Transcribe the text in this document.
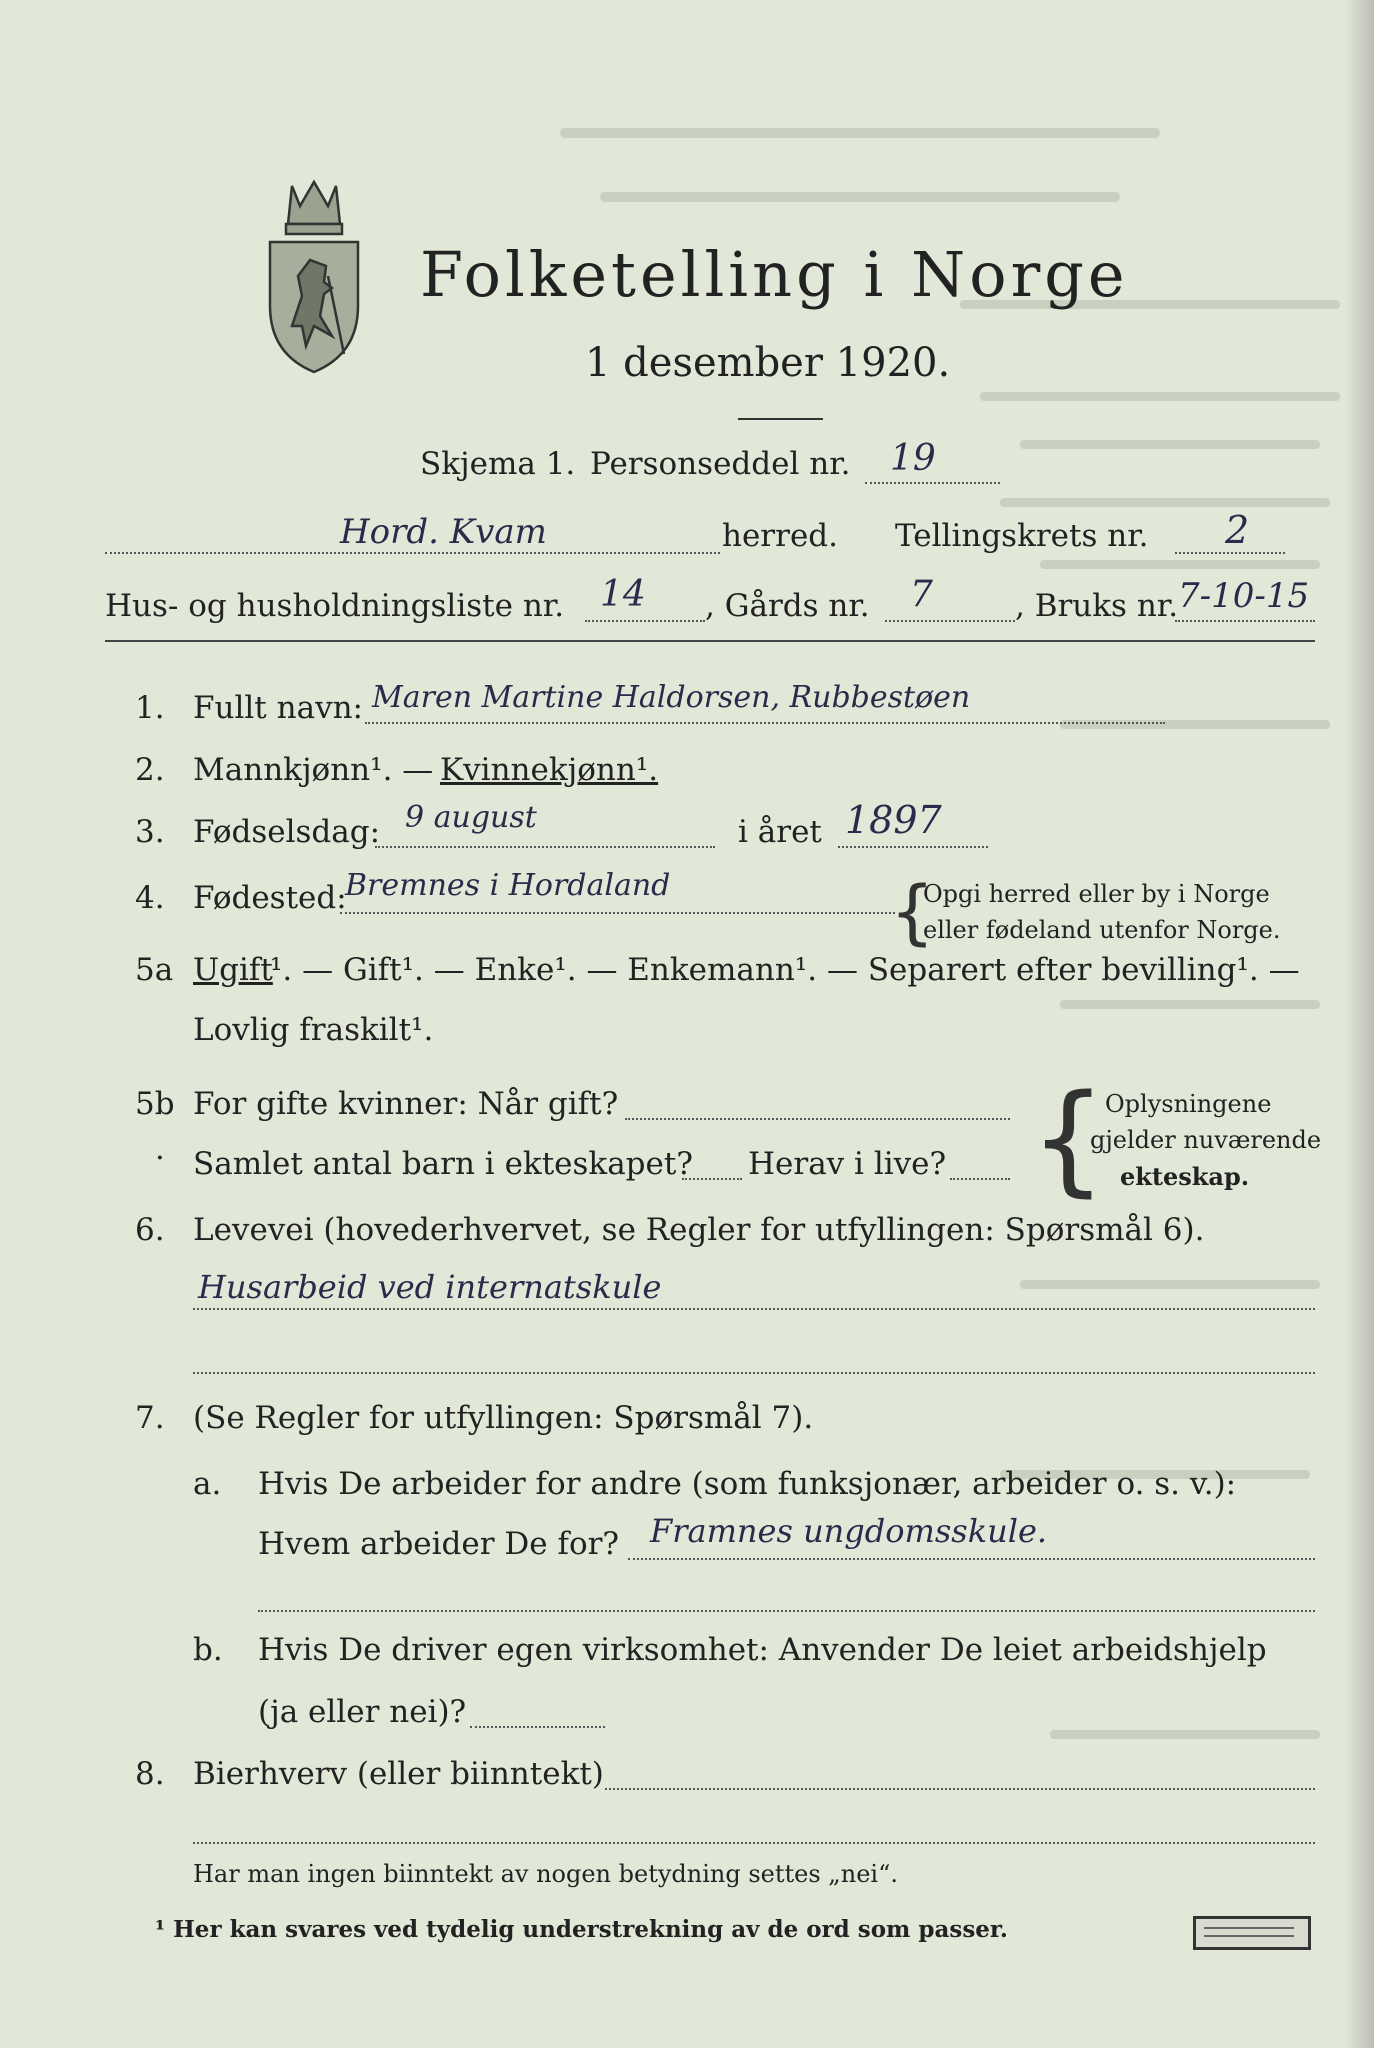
Folketelling i Norge
1 desember 1920.
Skjema 1. Personseddel nr. 19
Hord. Kvam	herred. Tellingskrets nr. 2
Hus- og husholdningsliste nr. 14 , Gårds nr. 7	, Bruks nr. 7-10-15
1. Fullt navn: Maren Martine Haldorsen, Rubbestøen
2. Mannkjønn¹. — Kvinnekjønn¹.
3. Fødselsdag: 9 august	i året 1897
4. Fødested:
Bremnes i Hordaland	{
Opgi herred eller by i Norge
eller fødeland utenfor Norge.
5a Ugift
¹. — Gift¹. — Enke¹. — Enkemann¹. — Separert efter bevilling¹. —
Lovlig fraskilt¹.
5b For gifte kvinner: Når gift?
· Samlet antal barn i ekteskapet? Herav i live? {
Oplysningene
gjelder nuværende
ekteskap.
6. Levevei (hovederhvervet, se Regler for utfyllingen: Spørsmål 6).
Husarbeid ved internatskule
7. (Se Regler for utfyllingen: Spørsmål 7).
a. Hvis De arbeider for andre (som funksjonær, arbeider o. s. v.):
Hvem arbeider De for? Framnes ungdomsskule.
b. Hvis De driver egen virksomhet: Anvender De leiet arbeidshjelp
(ja eller nei)?
8. Bierhverv (eller biinntekt)
Har man ingen biinntekt av nogen betydning settes „nei“.
¹ Her kan svares ved tydelig understrekning av de ord som passer.
